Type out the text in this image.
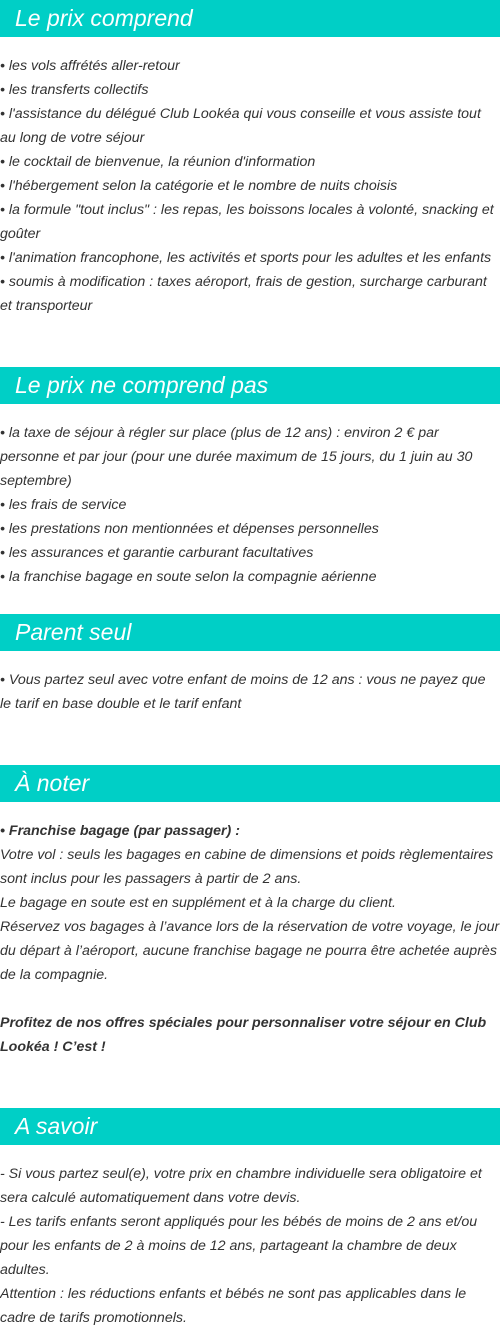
Le prix comprend

• les vols affrétés aller-retour

• les transferts collectifs

• l'assistance du délégué Club Lookéa qui vous conseille et vous assiste tout au long de votre séjour

• le cocktail de bienvenue, la réunion d'information

• l'hébergement selon la catégorie et le nombre de nuits choisis

• la formule "tout inclus" : les repas, les boissons locales à volonté, snacking et goûter

• l'animation francophone, les activités et sports pour les adultes et les enfants

• soumis à modification : taxes aéroport, frais de gestion, surcharge carburant et transporteur

Le prix ne comprend pas

• la taxe de séjour à régler sur place (plus de 12 ans) : environ 2 € par personne et par jour (pour une durée maximum de 15 jours, du 1 juin au 30 septembre)

• les frais de service

• les prestations non mentionnées et dépenses personnelles

• les assurances et garantie carburant facultatives

• la franchise bagage en soute selon la compagnie aérienne

Parent seul

• Vous partez seul avec votre enfant de moins de 12 ans : vous ne payez que le tarif en base double et le tarif enfant

À noter

• Franchise bagage (par passager) :

Votre vol : seuls les bagages en cabine de dimensions et poids règlementaires sont inclus pour les passagers à partir de 2 ans.

Le bagage en soute est en supplément et à la charge du client.

Réservez vos bagages à l’avance lors de la réservation de votre voyage, le jour du départ à l’aéroport, aucune franchise bagage ne pourra être achetée auprès de la compagnie.

Profitez de nos offres spéciales pour personnaliser votre séjour en Club Lookéa ! C’est !

A savoir

- Si vous partez seul(e), votre prix en chambre individuelle sera obligatoire et sera calculé automatiquement dans votre devis.

- Les tarifs enfants seront appliqués pour les bébés de moins de 2 ans et/ou pour les enfants de 2 à moins de 12 ans, partageant la chambre de deux adultes.

Attention : les réductions enfants et bébés ne sont pas applicables dans le cadre de tarifs promotionnels.
